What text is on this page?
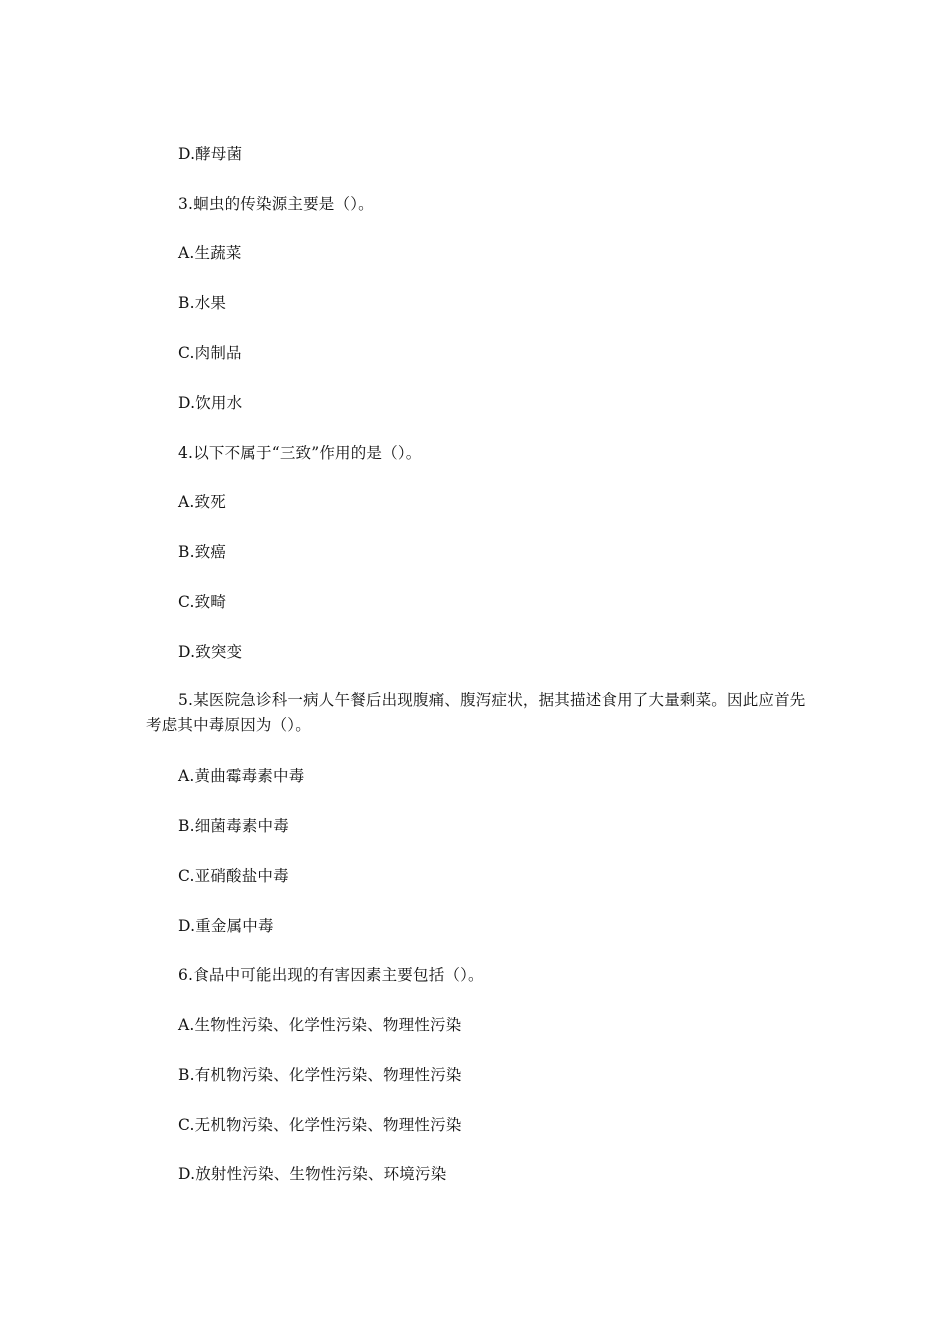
D.酵母菌
3.蛔虫的传染源主要是（）。
A.生蔬菜
B.水果
C.肉制品
D.饮用水
4.以下不属于“三致”作用的是（）。
A.致死
B.致癌
C.致畸
D.致突变
5.某医院急诊科一病人午餐后出现腹痛、腹泻症状，据其描述食用了大量剩菜。因此应首先考虑其中毒原因为（）。
A.黄曲霉毒素中毒
B.细菌毒素中毒
C.亚硝酸盐中毒
D.重金属中毒
6.食品中可能出现的有害因素主要包括（）。
A.生物性污染、化学性污染、物理性污染
B.有机物污染、化学性污染、物理性污染
C.无机物污染、化学性污染、物理性污染
D.放射性污染、生物性污染、环境污染
